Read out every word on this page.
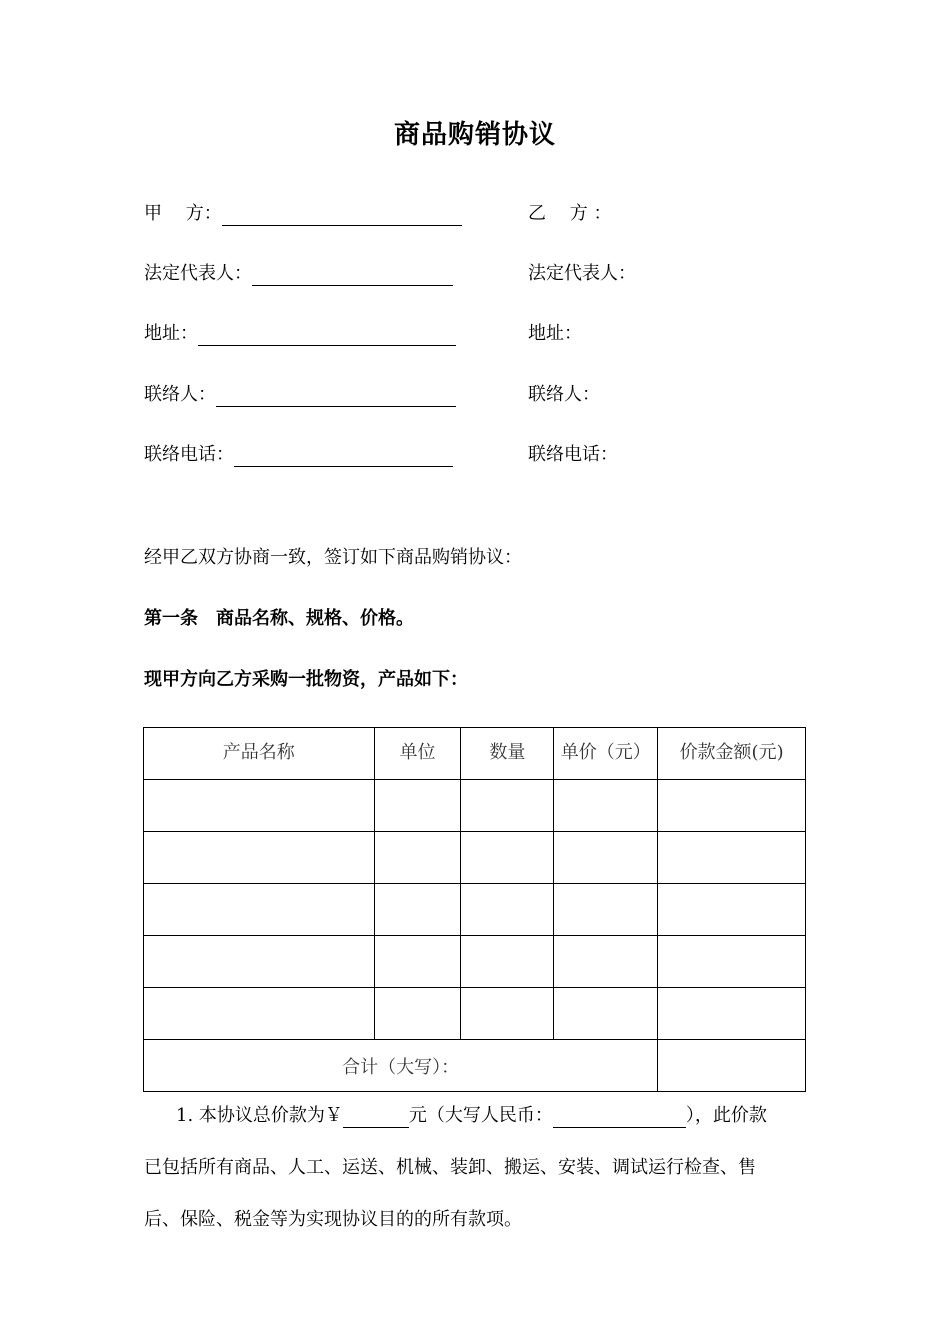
商品购销协议
甲　 方：
法定代表人：
地址：
联络人：
联络电话：
乙　 方 ：
法定代表人：
地址：
联络人：
联络电话：
经甲乙双方协商一致，签订如下商品购销协议：
第一条　商品名称、规格、价格。
现甲方向乙方采购一批物资，产品如下：
产品名称	单位	数量	单价（元）	价款金额(元)

合计（大写）：				
1. 本协议总价款为￥	元（大写人民币：	），此价款
已包括所有商品、人工、运送、机械、装卸、搬运、安装、调试运行检查、售
后、保险、税金等为实现协议目的的所有款项。
